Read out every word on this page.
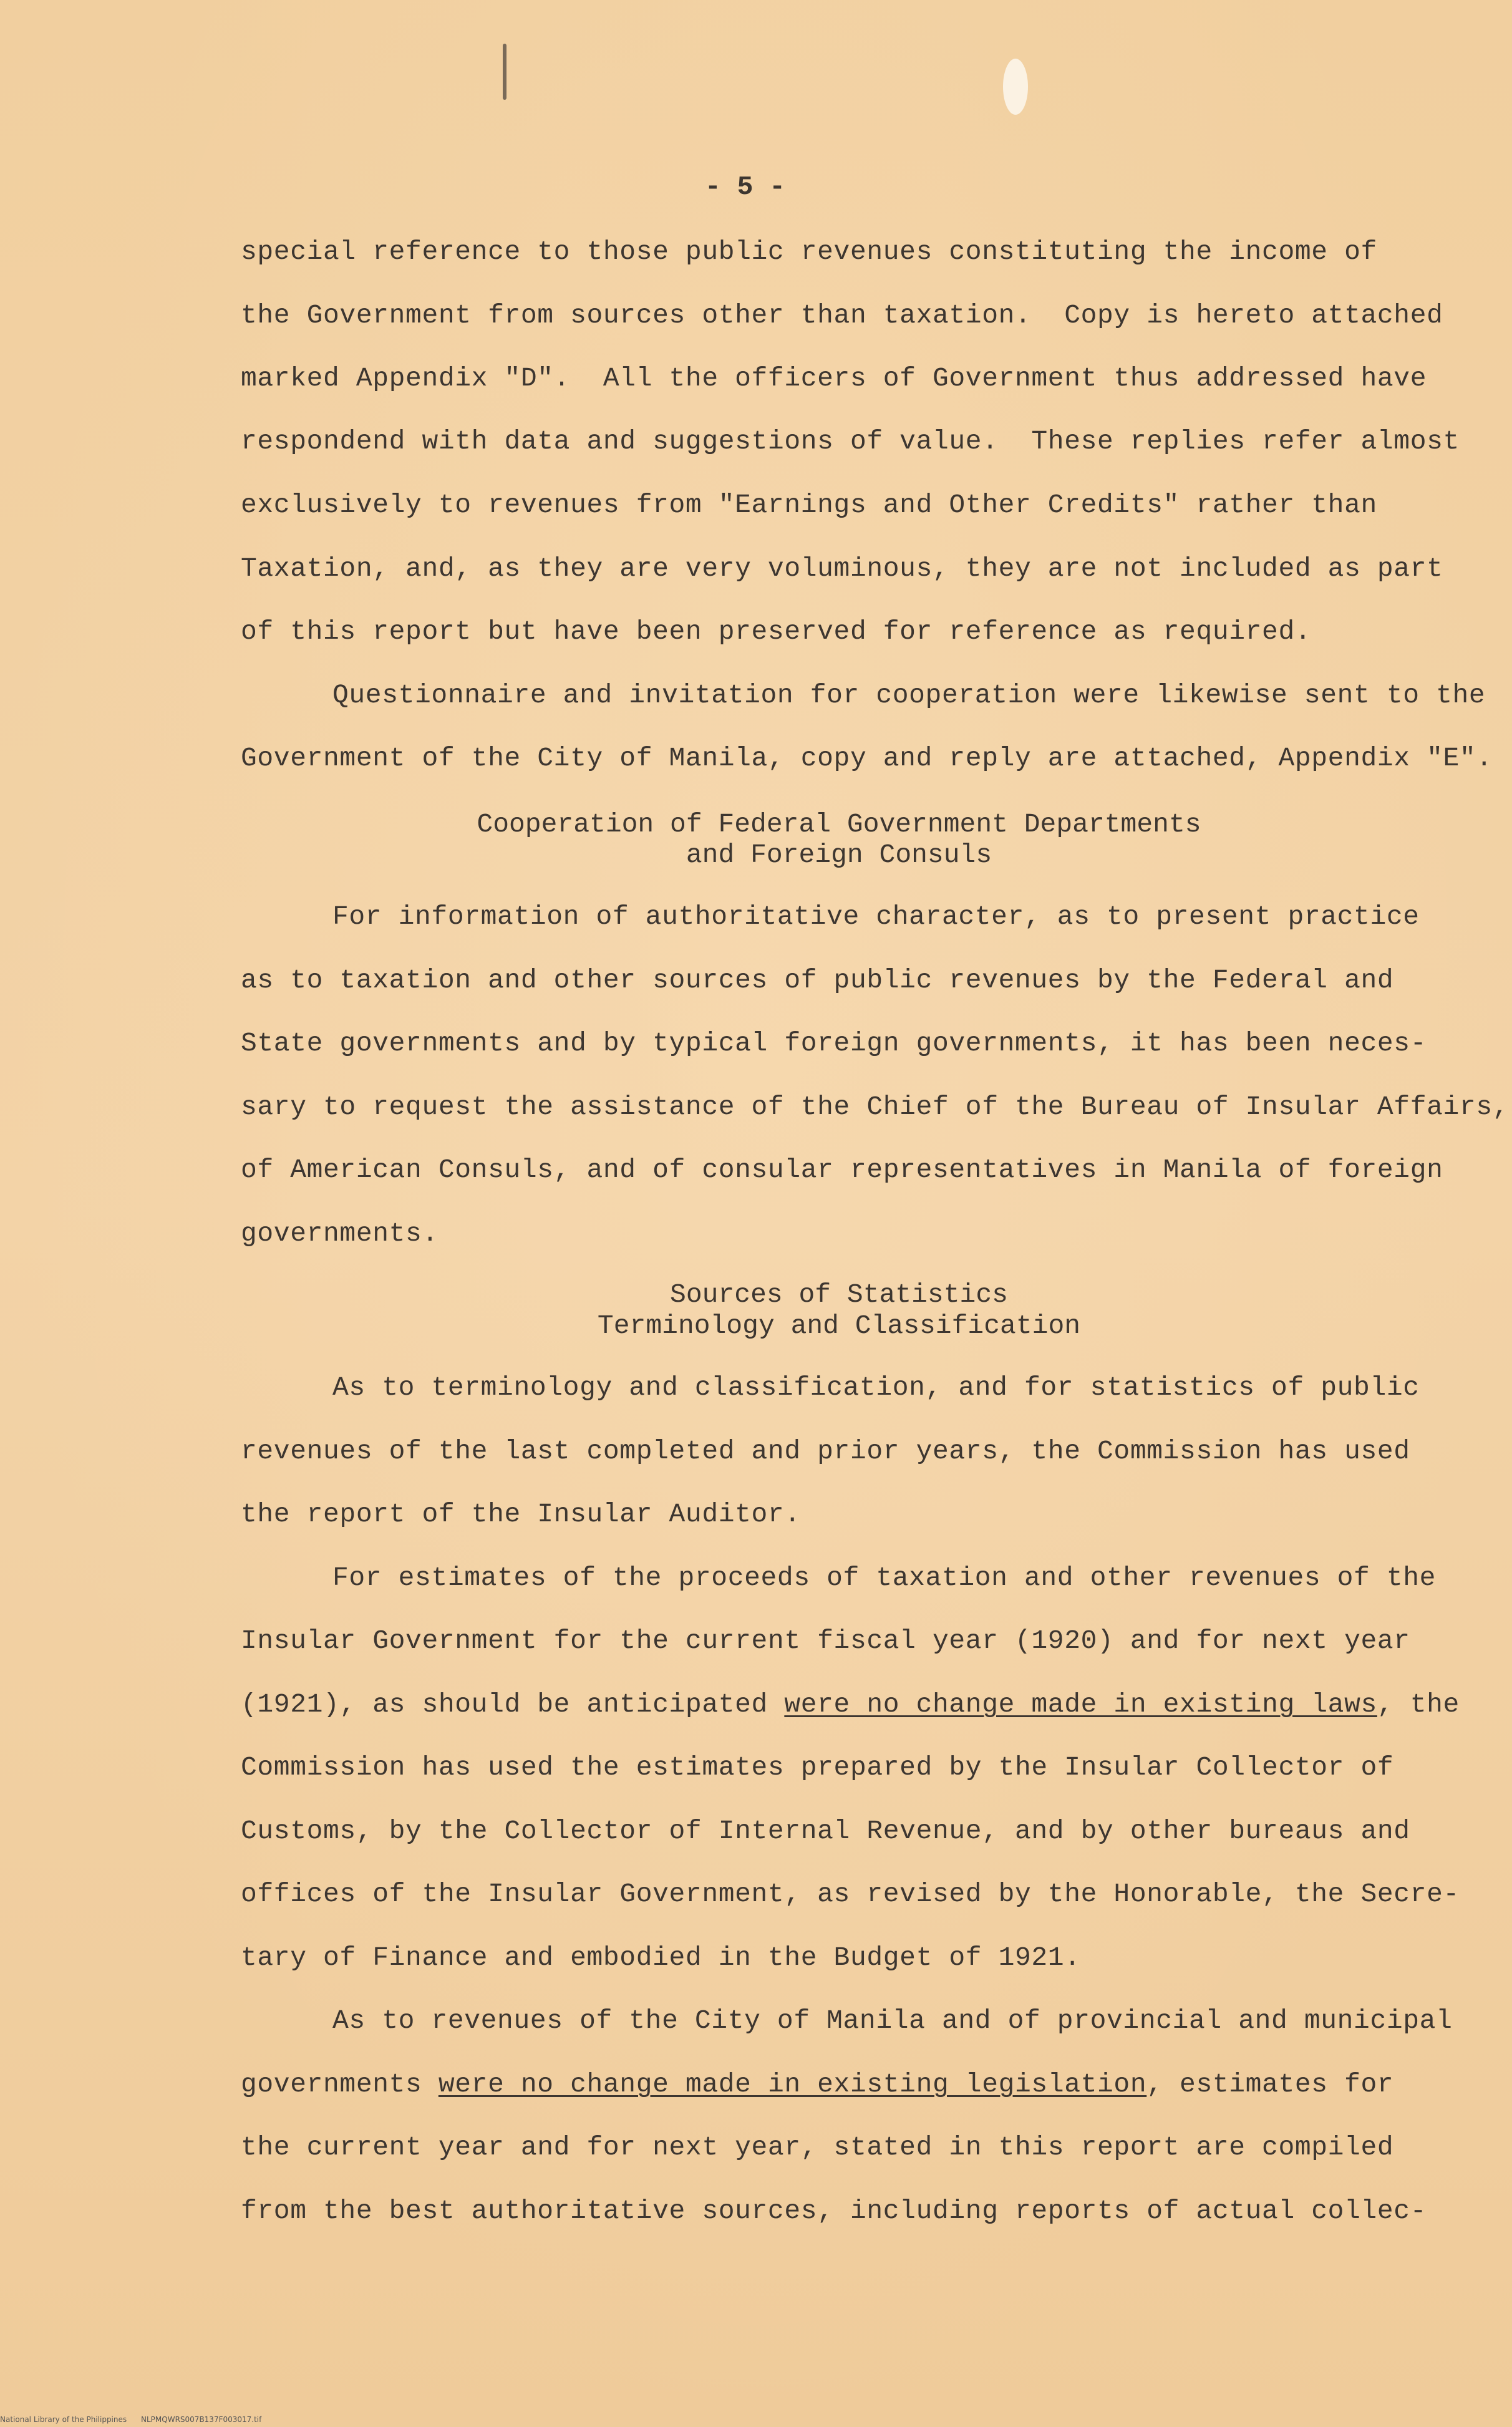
- 5 -
special reference to those public revenues constituting the income of
the Government from sources other than taxation.  Copy is hereto attached
marked Appendix "D".  All the officers of Government thus addressed have
respondend with data and suggestions of value.  These replies refer almost
exclusively to revenues from "Earnings and Other Credits" rather than
Taxation, and, as they are very voluminous, they are not included as part
of this report but have been preserved for reference as required.
Questionnaire and invitation for cooperation were likewise sent to the
Government of the City of Manila, copy and reply are attached, Appendix "E".
Cooperation of Federal Government Departments
and Foreign Consuls
For information of authoritative character, as to present practice
as to taxation and other sources of public revenues by the Federal and
State governments and by typical foreign governments, it has been neces-
sary to request the assistance of the Chief of the Bureau of Insular Affairs,
of American Consuls, and of consular representatives in Manila of foreign
governments.
Sources of Statistics
Terminology and Classification
As to terminology and classification, and for statistics of public
revenues of the last completed and prior years, the Commission has used
the report of the Insular Auditor.
For estimates of the proceeds of taxation and other revenues of the
Insular Government for the current fiscal year (1920) and for next year
(1921), as should be anticipated were no change made in existing laws, the
Commission has used the estimates prepared by the Insular Collector of
Customs, by the Collector of Internal Revenue, and by other bureaus and
offices of the Insular Government, as revised by the Honorable, the Secre-
tary of Finance and embodied in the Budget of 1921.
As to revenues of the City of Manila and of provincial and municipal
governments were no change made in existing legislation, estimates for
the current year and for next year, stated in this report are compiled
from the best authoritative sources, including reports of actual collec-
National Library of the Philippines      NLPMQWRS007B137F003017.tif
